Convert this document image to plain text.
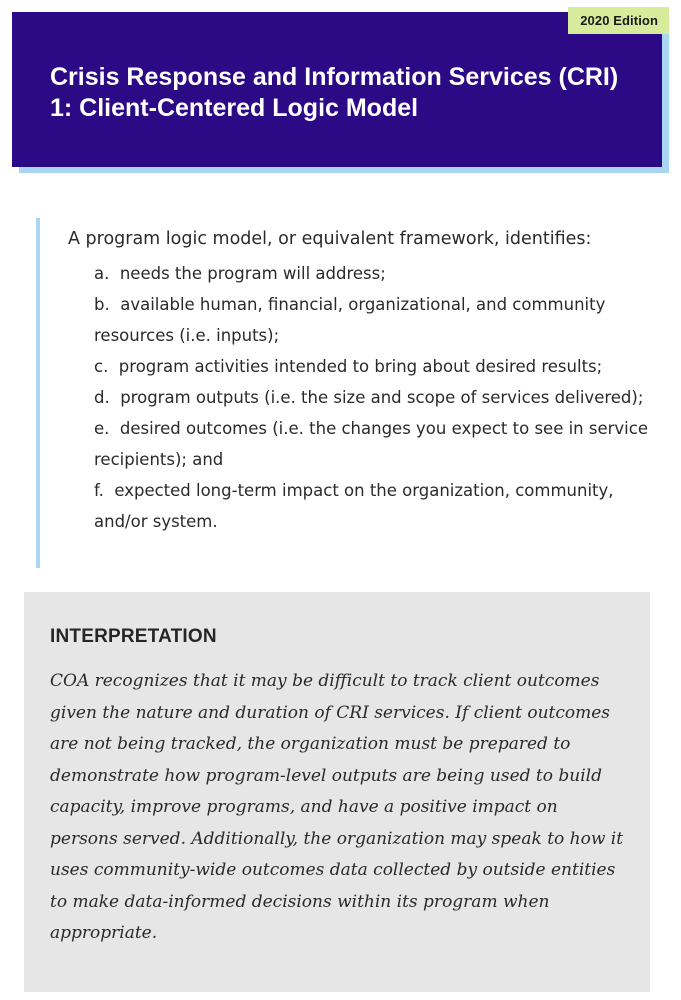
2020 Edition
Crisis Response and Information Services (CRI) 1: Client-Centered Logic Model

A program logic model, or equivalent framework, identifies:

a.  needs the program will address;
b.  available human, financial, organizational, and community resources (i.e. inputs);
c.  program activities intended to bring about desired results;
d.  program outputs (i.e. the size and scope of services delivered);
e.  desired outcomes (i.e. the changes you expect to see in service recipients); and
f.  expected long-term impact on the organization, community, and/or system.
INTERPRETATION

COA recognizes that it may be difficult to track client outcomes given the nature and duration of CRI services. If client outcomes are not being tracked, the organization must be prepared to demonstrate how program-level outputs are being used to build capacity, improve programs, and have a positive impact on persons served. Additionally, the organization may speak to how it uses community-wide outcomes data collected by outside entities to make data-informed decisions within its program when appropriate.
